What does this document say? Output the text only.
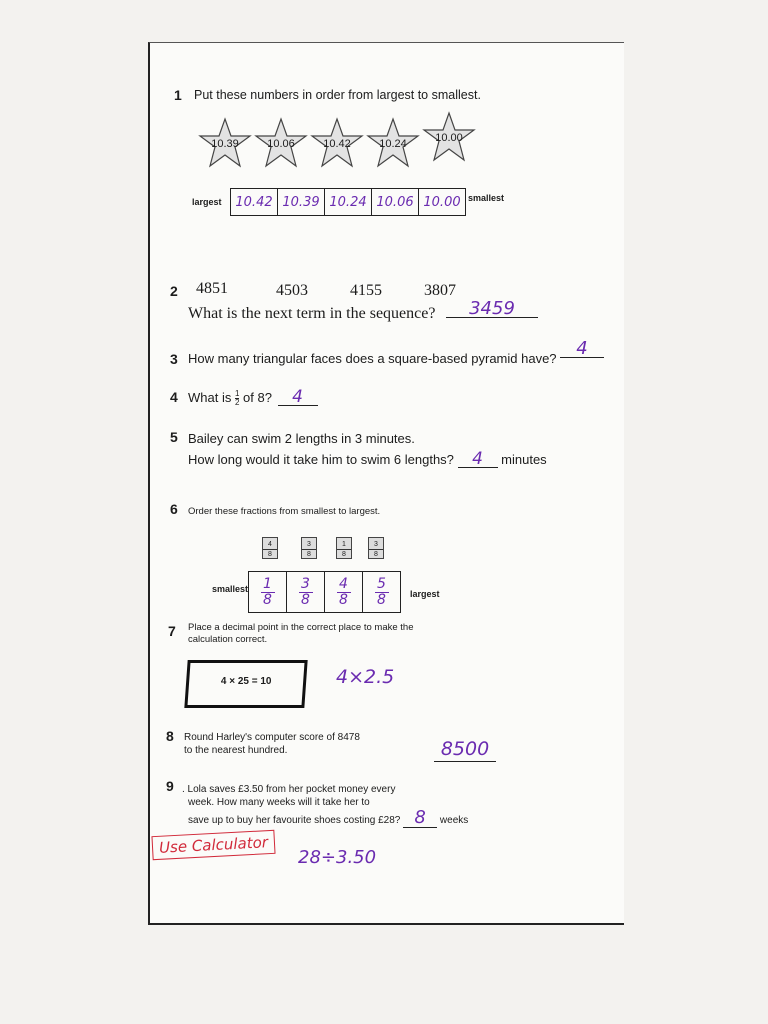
1 Put these numbers in order from largest to smallest.
10.39	10.06	10.42	10.24	10.00
largest	10.42 10.39 10.24 10.06 10.00 smallest
2 4851	4503	4155	3807
What is the next term in the sequence?	3459
3 How many triangular faces does a square-based pyramid have?	4
4 What is $\frac{1}{2}$ of 8? 4
5 Bailey can swim 2 lengths in 3 minutes.
How long would it take him to swim 6 lengths? 4 minutes
6 Order these fractions from smallest to largest.
4
8
3
8
1
8
3
8
smallest $\frac{1}{8} \frac{3}{8} \frac{4}{8} \frac{5}{8}$ largest
7 Place a decimal point in the correct place to make the
calculation correct.
4 × 25 = 10	4×2.5
8 Round Harley's computer score of 8478
to the nearest hundred.	8500
9 . Lola saves £3.50 from her pocket money every
week. How many weeks will it take her to
save up to buy her favourite shoes costing £28? 8 weeks
Use Calculator
28÷3.50
